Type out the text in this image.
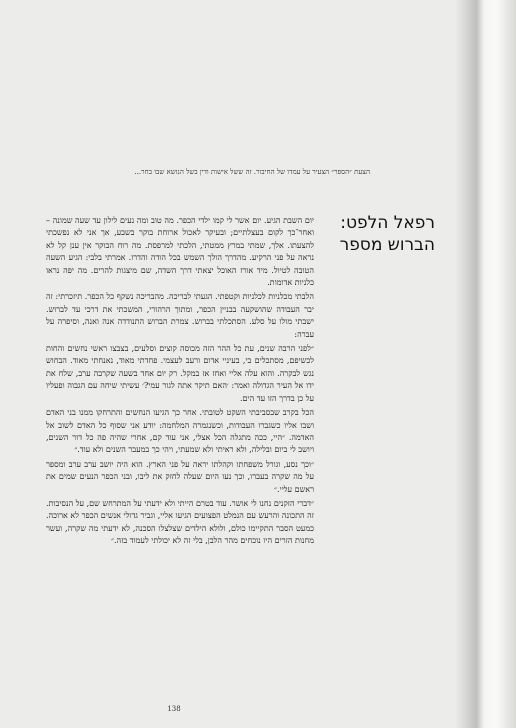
הצעת ״הספר״ הצעיר על עמדו של החיבור. זה ששל אישות ודין בשל הנושא שבו בחר...
רפאל הלפט:
הברוש מספר

יום השבת הגיע. יום אשר לי קמו ילדי הכפר. מה טוב ומה נעים לילון עד שעה שמונה – ואחר־כך לקום בעצלתיים; ובעיקר לאכול ארוחת בוקר בשבע, אך אני לא נפשכתי להצעתו. אלך, שמתי במרץ ממטתי, הלכתי למרפסת. מה רוח הבוקר אין ענן קל לא נראה על פני הרקיע. מהדרך הולך השמש בכל הודה והדרו. אמרתי בלבי: הגיע השעה הטובה לטיול. מיד אורז האוכל יצאתי דרך השדה, שם מיצגות להרים. מה יפה נראו כלניות אדומות.

הלבתי מכלניות לכלניות וקטפתי. הגעתי לבריכה. מהבריכה נשקף כל הכפר. תיזכרתי: זה יבר העבודה שהושקעה בבניין הכפר, ומתוך הרהורי, המשכתי את דרכי עד לברוש. ישבתי מולו על סלע. הסתכלתי בברוש. צמרת הברוש התנודדה אנה ואנה, וסיפרה על עברה:

״לפני הרבה שנים, עת כל ההר הזה מכוסה קוצים וסלעים, בצבצו ראשי נחשים והחות לכשיפם, מסתכלים בי, בעיניי אדום ורעב לעצמי. פחדתי מאוד, נאנחתי מאוד. הבחוש נגש לבקרה. והוא עלה אליי ואחז אז במקל. רק יום אחד בשעה שקרבה ערב, שלח את ידו אל העיר הגדולה ואמר: ׳האם תיקר אתה לגור עמי?׳ עשיתי שיחה עם הגבוה ופעליו על כן בדרך הזו עד הים.

הכל בקרב שבסביבתי השקט לטובתי. אחר כך הגיעו הנחשים והתרחקו ממנו בני האדם ושבו אליו כשגברו העבודות, וכשנגמרה המלחמה: יודע אני שסוף כל האדם לשוב אל האדמה. ״היי, ככה מתגלה הכל אצלי, אני עוד קם, אחרי שהיה פה כל דור השנים, ויושב לי ביום ובלילה, ולא ראיתי ולא שמעתי, ויהי כך במעבר השנים ולא עוד.״

״וכך נסע, וגורל משפחתו וקהלתו יראה על פני הארץ. הוא היה יושב ערב ערב ומספר על מה שקרה בעברו, וכך נעו היום שעלה לחזק את ליבו, ובני הכפר הנעים שמים את ראשם עליי.״

״דברי הזקנים נחנו לי אושר. עוד בטרם הייתי ולא ידעתי על המתרחש שם, על הנסיבות. זה התכונה והרעש עם הנמלט הפצועים הגיעו אליי, וגביר גדולי אנשים הכפר לא ארוכה. כמעט הסבר התקיימו כולם, ולולא הילדים שצלצלו הסכנה, לא ידעתי מה שקרה, ועשר מחנות הזרים היו נוכחים מהר הלבן, בלי זה לא יכולתי לעמוד בזה.״

138
